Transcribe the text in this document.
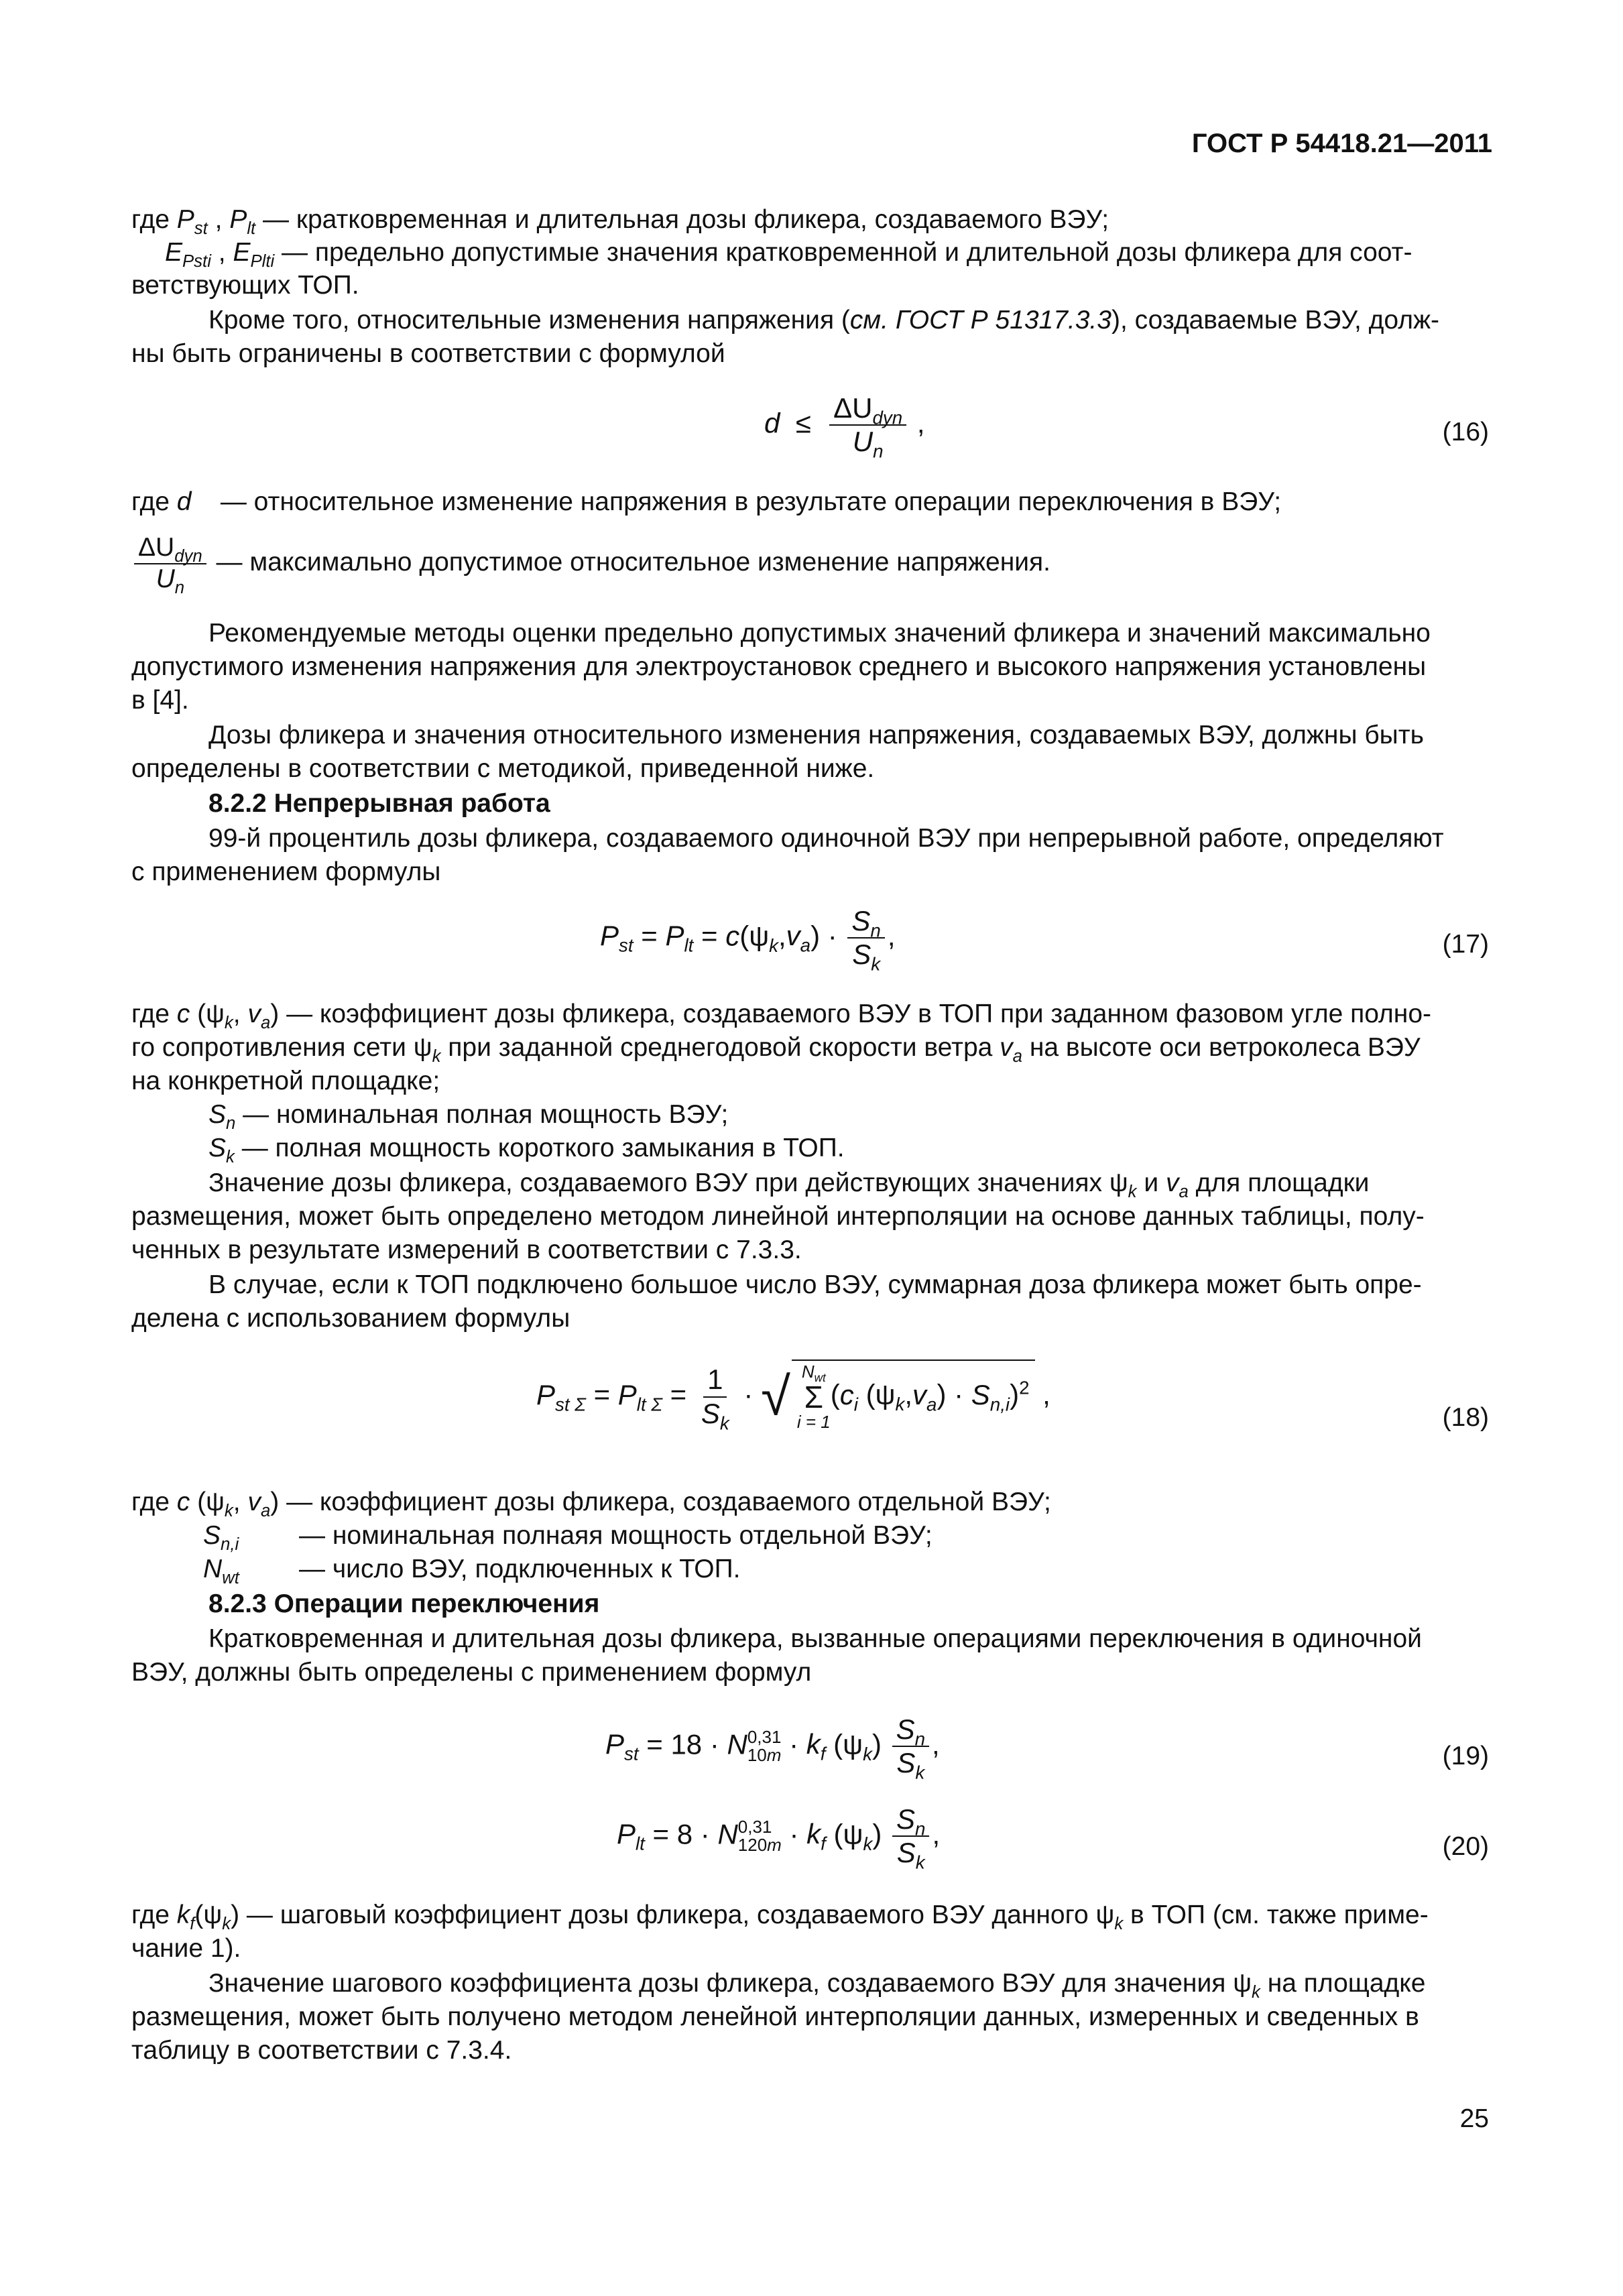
ГОСТ Р 54418.21—2011
где $P_{st}$ , $P_{lt}$ — кратковременная и длительная дозы фликера, создаваемого ВЭУ;
$E_{Psti}$ , $E_{Plti}$ — предельно допустимые значения кратковременной и длительной дозы фликера для соот-
ветствующих ТОП.
Кроме того, относительные изменения напряжения (см. ГОСТ Р 51317.3.3), создаваемые ВЭУ, долж-
ны быть ограничены в соответствии с формулой
$d \le \frac{\Delta U_{dyn}}{U_n}$ ,	(16)
где d    — относительное изменение напряжения в результате операции переключения в ВЭУ;
$\frac{\Delta U_{dyn}}{U_n}$ — максимально допустимое относительное изменение напряжения.
Рекомендуемые методы оценки предельно допустимых значений фликера и значений максимально
допустимого изменения напряжения для электроустановок среднего и высокого напряжения установлены
в [4].
Дозы фликера и значения относительного изменения напряжения, создаваемых ВЭУ, должны быть
определены в соответствии с методикой, приведенной ниже.
8.2.2 Непрерывная работа
99-й процентиль дозы фликера, создаваемого одиночной ВЭУ при непрерывной работе, определяют
с применением формулы
$P_{st} = P_{lt} = c(\psi_k,v_a) \cdot \frac{S_n}{S_k}$ ,	(17)
где c ($\psi_k$, $v_a$) — коэффициент дозы фликера, создаваемого ВЭУ в ТОП при заданном фазовом угле полно-
го сопротивления сети $\psi_k$ при заданной среднегодовой скорости ветра $v_a$ на высоте оси ветроколеса ВЭУ
на конкретной площадке;
$S_n$ — номинальная полная мощность ВЭУ;
$S_k$ — полная мощность короткого замыкания в ТОП.
Значение дозы фликера, создаваемого ВЭУ при действующих значениях $\psi_k$ и $v_a$ для площадки
размещения, может быть определено методом линейной интерполяции на основе данных таблицы, полу-
ченных в результате измерений в соответствии с 7.3.3.
В случае, если к ТОП подключено большое число ВЭУ, суммарная доза фликера может быть опре-
делена с использованием формулы
$P_{st \Sigma} = P_{lt \Sigma} = \frac{1}{S_k}$ · √ $N_{wt}$
Σ
i = 1
($c_i$ $(\psi_k,v_a) \cdot S_{n,i})^2$ ,
(18)
где c ($\psi_k$, $v_a$) — коэффициент дозы фликера, создаваемого отдельной ВЭУ;
$S_{n,i}$ — номинальная полнаяя мощность отдельной ВЭУ;
$N_{wt}$ — число ВЭУ, подключенных к ТОП.
8.2.3 Операции переключения
Кратковременная и длительная дозы фликера, вызванные операциями переключения в одиночной
ВЭУ, должны быть определены с применением формул
$P_{st} = 18 \cdot N$ 0,31
$10m \cdot k_f$ $(\psi_k) \frac{S_n}{S_k}$ ,	(19)
$P_{lt} = 8 \cdot N$ 0,31
$120m \cdot k_f$ $(\psi_k) \frac{S_n}{S_k}$ ,	(20)
где $k_f(\psi_k)$ — шаговый коэффициент дозы фликера, создаваемого ВЭУ данного $\psi_k$ в ТОП (см. также приме-
чание 1).
Значение шагового коэффициента дозы фликера, создаваемого ВЭУ для значения $\psi_k$ на площадке
размещения, может быть получено методом ленейной интерполяции данных, измеренных и сведенных в
таблицу в соответствии с 7.3.4.
25
